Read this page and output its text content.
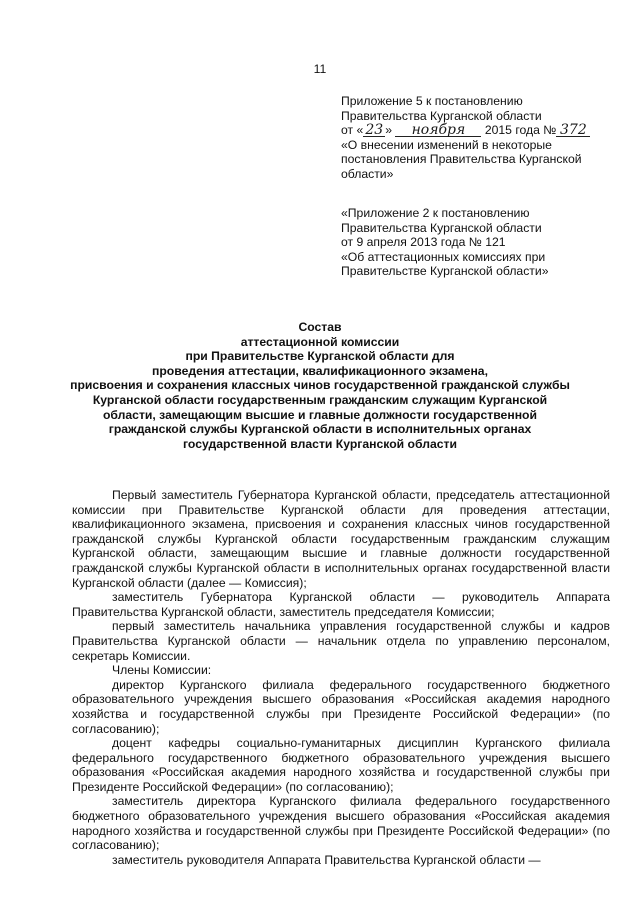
11
Приложение 5 к постановлению
Правительства Курганской области
от « 23 » ноября 2015 года № 372
«О внесении изменений в некоторые
постановления Правительства Курганской
области»
«Приложение 2 к постановлению
Правительства Курганской области
от 9 апреля 2013 года № 121
«Об аттестационных комиссиях при
Правительстве Курганской области»
Состав
аттестационной комиссии
при Правительстве Курганской области для
проведения аттестации, квалификационного экзамена,
присвоения и сохранения классных чинов государственной гражданской службы
Курганской области государственным гражданским служащим Курганской
области, замещающим высшие и главные должности государственной
гражданской службы Курганской области в исполнительных органах
государственной власти Курганской области

Первый заместитель Губернатора Курганской области, председатель аттестационной комиссии при Правительстве Курганской области для проведения аттестации, квалификационного экзамена, присвоения и сохранения классных чинов государственной гражданской службы Курганской области государственным гражданским служащим Курганской области, замещающим высшие и главные должности государственной гражданской службы Курганской области в исполнительных органах государственной власти Курганской области (далее — Комиссия);

заместитель Губернатора Курганской области — руководитель Аппарата Правительства Курганской области, заместитель председателя Комиссии;

первый заместитель начальника управления государственной службы и кадров Правительства Курганской области — начальник отдела по управлению персоналом, секретарь Комиссии.

Члены Комиссии:

директор Курганского филиала федерального государственного бюджетного образовательного учреждения высшего образования «Российская академия народного хозяйства и государственной службы при Президенте Российской Федерации» (по согласованию);

доцент кафедры социально-гуманитарных дисциплин Курганского филиала федерального государственного бюджетного образовательного учреждения высшего образования «Российская академия народного хозяйства и государственной службы при Президенте Российской Федерации» (по согласованию);

заместитель директора Курганского филиала федерального государственного бюджетного образовательного учреждения высшего образования «Российская академия народного хозяйства и государственной службы при Президенте Российской Федерации» (по согласованию);

заместитель руководителя Аппарата Правительства Курганской области —
